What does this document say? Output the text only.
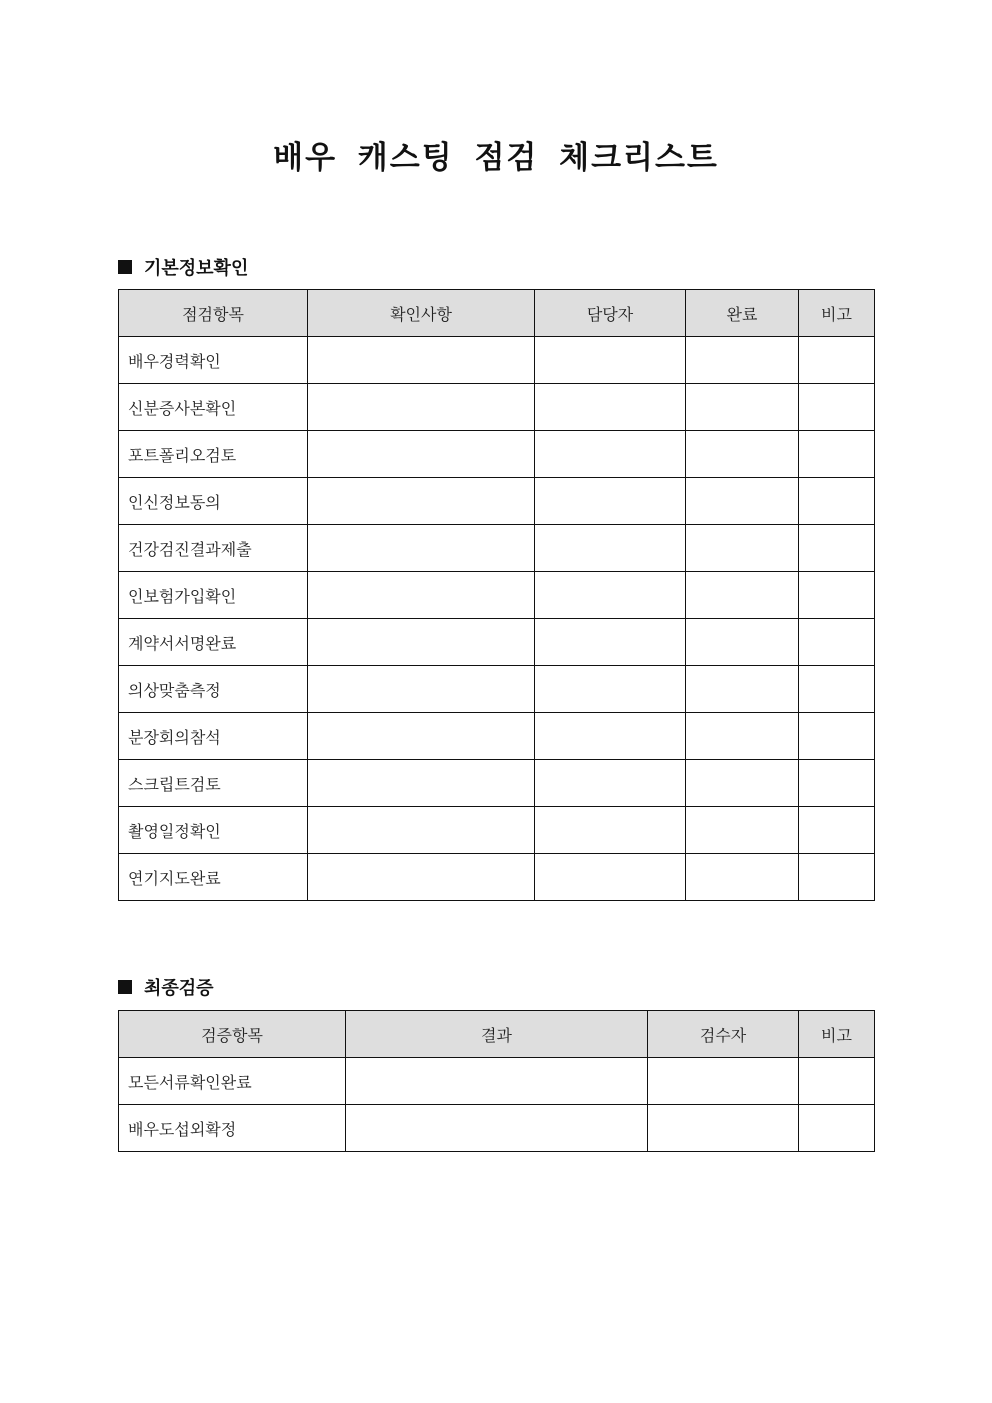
배우 캐스팅 점검 체크리스트
기본정보확인
점검항목	확인사항	담당자	완료	비고
배우경력확인				
신분증사본확인				
포트폴리오검토				
인신정보동의				
건강검진결과제출				
인보험가입확인				
계약서서명완료				
의상맞춤측정				
분장회의참석				
스크립트검토				
촬영일정확인				
연기지도완료				
최종검증
검증항목	결과	검수자	비고
모든서류확인완료			
배우도섭외확정			
